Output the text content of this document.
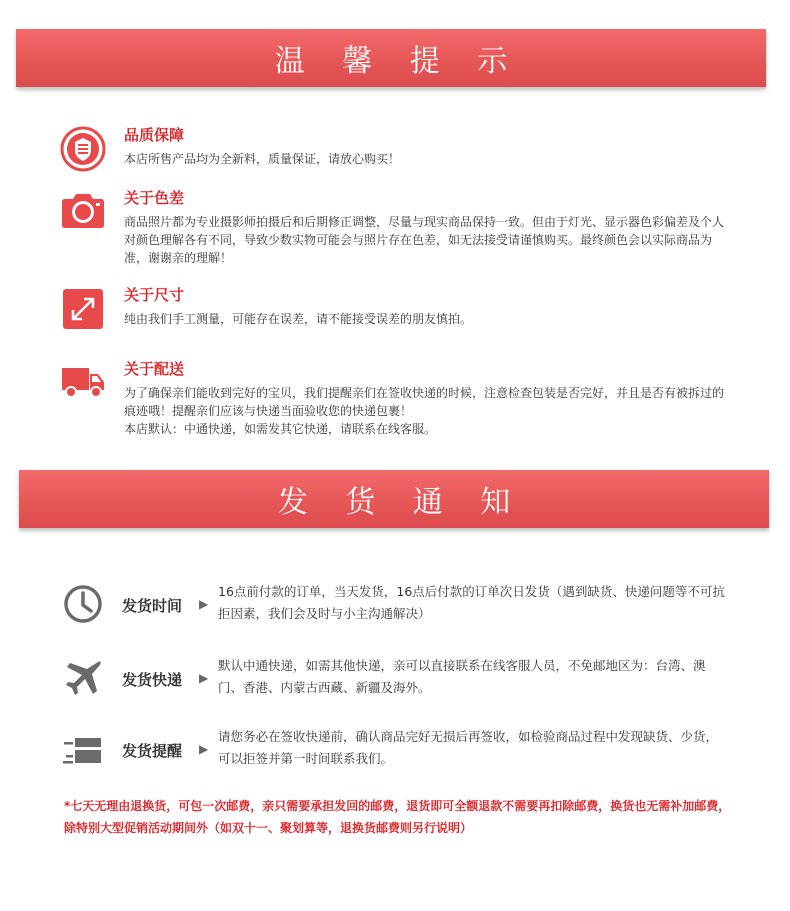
温 馨 提 示
品质保障

本店所售产品均为全新料，质量保证，请放心购买！

关于色差

商品照片都为专业摄影师拍摄后和后期修正调整，尽量与现实商品保持一致。但由于灯光、显示器色彩偏差及个人对颜色理解各有不同，导致少数实物可能会与照片存在色差，如无法接受请谨慎购买。最终颜色会以实际商品为准，谢谢亲的理解！

关于尺寸

纯由我们手工测量，可能存在误差，请不能接受误差的朋友慎拍。

关于配送

为了确保亲们能收到完好的宝贝，我们提醒亲们在签收快递的时候，注意检查包装是否完好，并且是否有被拆过的痕迹哦！提醒亲们应该与快递当面验收您的快递包裹！

本店默认：中通快递，如需发其它快递，请联系在线客服。

发 货 通 知
发货时间 ▶
16点前付款的订单，当天发货，16点后付款的订单次日发货（遇到缺货、快递问题等不可抗拒因素，我们会及时与小主沟通解决）
发货快递 ▶
默认中通快递，如需其他快递，亲可以直接联系在线客服人员，不免邮地区为：台湾、澳门、香港、内蒙古西藏、新疆及海外。
发货提醒 ▶
请您务必在签收快递前，确认商品完好无损后再签收，如检验商品过程中发现缺货、少货，可以拒签并第一时间联系我们。
*七天无理由退换货，可包一次邮费，亲只需要承担发回的邮费，退货即可全额退款不需要再扣除邮费，换货也无需补加邮费，除特别大型促销活动期间外（如双十一、聚划算等，退换货邮费则另行说明）
